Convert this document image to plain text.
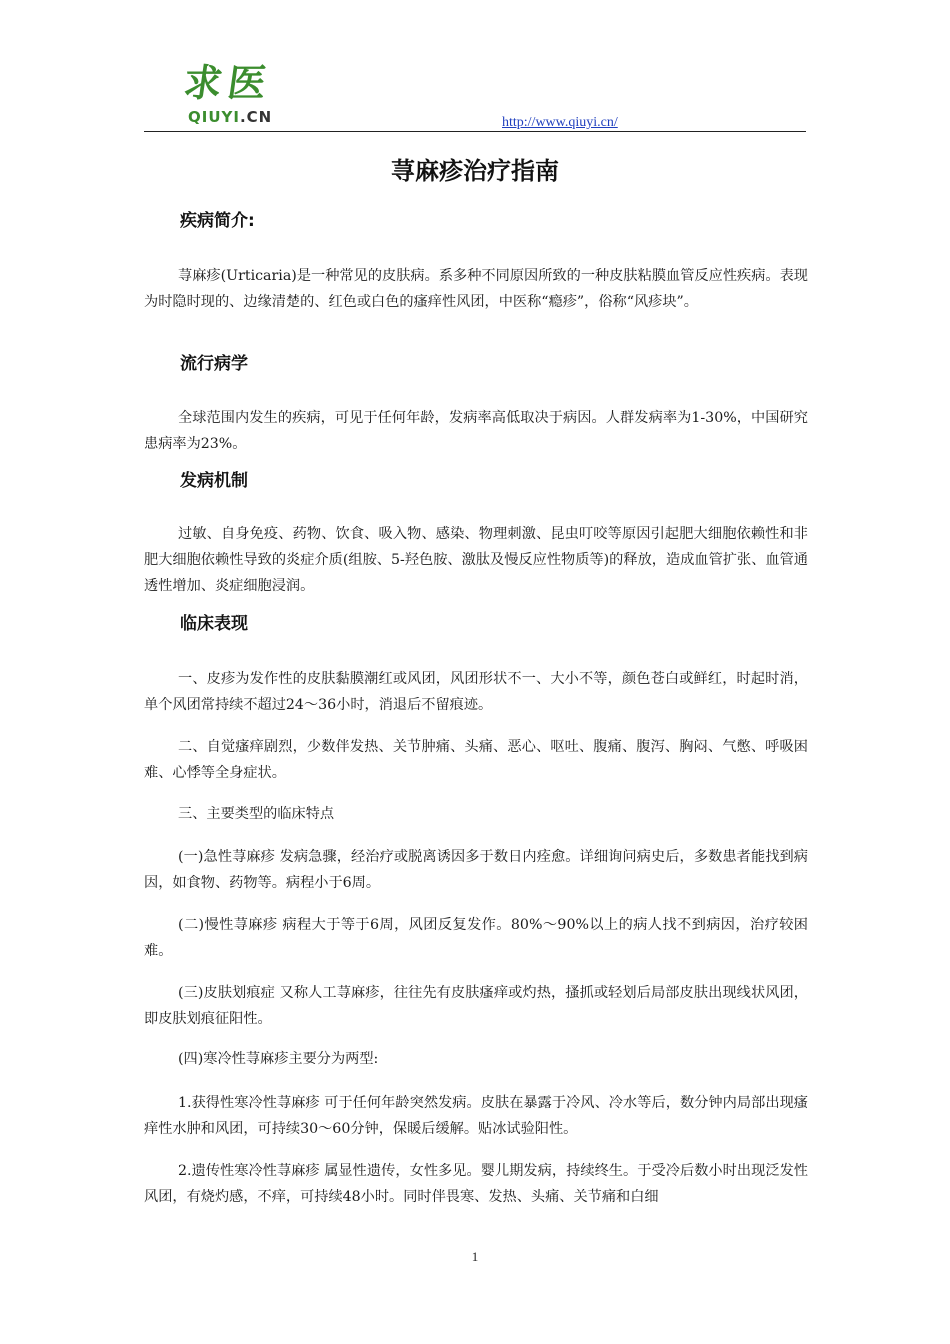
求医
QIUYI.CN	http://www.qiuyi.cn/
荨麻疹治疗指南
疾病简介:
荨麻疹(Urticaria)是一种常见的皮肤病。系多种不同原因所致的一种皮肤粘膜血管反应性疾病。表现为时隐时现的、边缘清楚的、红色或白色的瘙痒性风团，中医称“瘾疹”，俗称“风疹块”。
流行病学
全球范围内发生的疾病，可见于任何年龄，发病率高低取决于病因。人群发病率为1-30%，中国研究患病率为23%。
发病机制
过敏、自身免疫、药物、饮食、吸入物、感染、物理刺激、昆虫叮咬等原因引起肥大细胞依赖性和非肥大细胞依赖性导致的炎症介质(组胺、5-羟色胺、激肽及慢反应性物质等)的释放，造成血管扩张、血管通透性增加、炎症细胞浸润。
临床表现
一、皮疹为发作性的皮肤黏膜潮红或风团，风团形状不一、大小不等，颜色苍白或鲜红，时起时消，单个风团常持续不超过24～36小时，消退后不留痕迹。
二、自觉瘙痒剧烈，少数伴发热、关节肿痛、头痛、恶心、呕吐、腹痛、腹泻、胸闷、气憋、呼吸困难、心悸等全身症状。
三、主要类型的临床特点
(一)急性荨麻疹 发病急骤，经治疗或脱离诱因多于数日内痊愈。详细询问病史后，多数患者能找到病因，如食物、药物等。病程小于6周。
(二)慢性荨麻疹 病程大于等于6周，风团反复发作。80%～90%以上的病人找不到病因，治疗较困难。
(三)皮肤划痕症 又称人工荨麻疹，往往先有皮肤瘙痒或灼热，搔抓或轻划后局部皮肤出现线状风团，即皮肤划痕征阳性。
(四)寒冷性荨麻疹主要分为两型:
1.获得性寒冷性荨麻疹 可于任何年龄突然发病。皮肤在暴露于冷风、冷水等后，数分钟内局部出现瘙痒性水肿和风团，可持续30～60分钟，保暖后缓解。贴冰试验阳性。
2.遗传性寒冷性荨麻疹 属显性遗传，女性多见。婴儿期发病，持续终生。于受冷后数小时出现泛发性风团，有烧灼感，不痒，可持续48小时。同时伴畏寒、发热、头痛、关节痛和白细
1
